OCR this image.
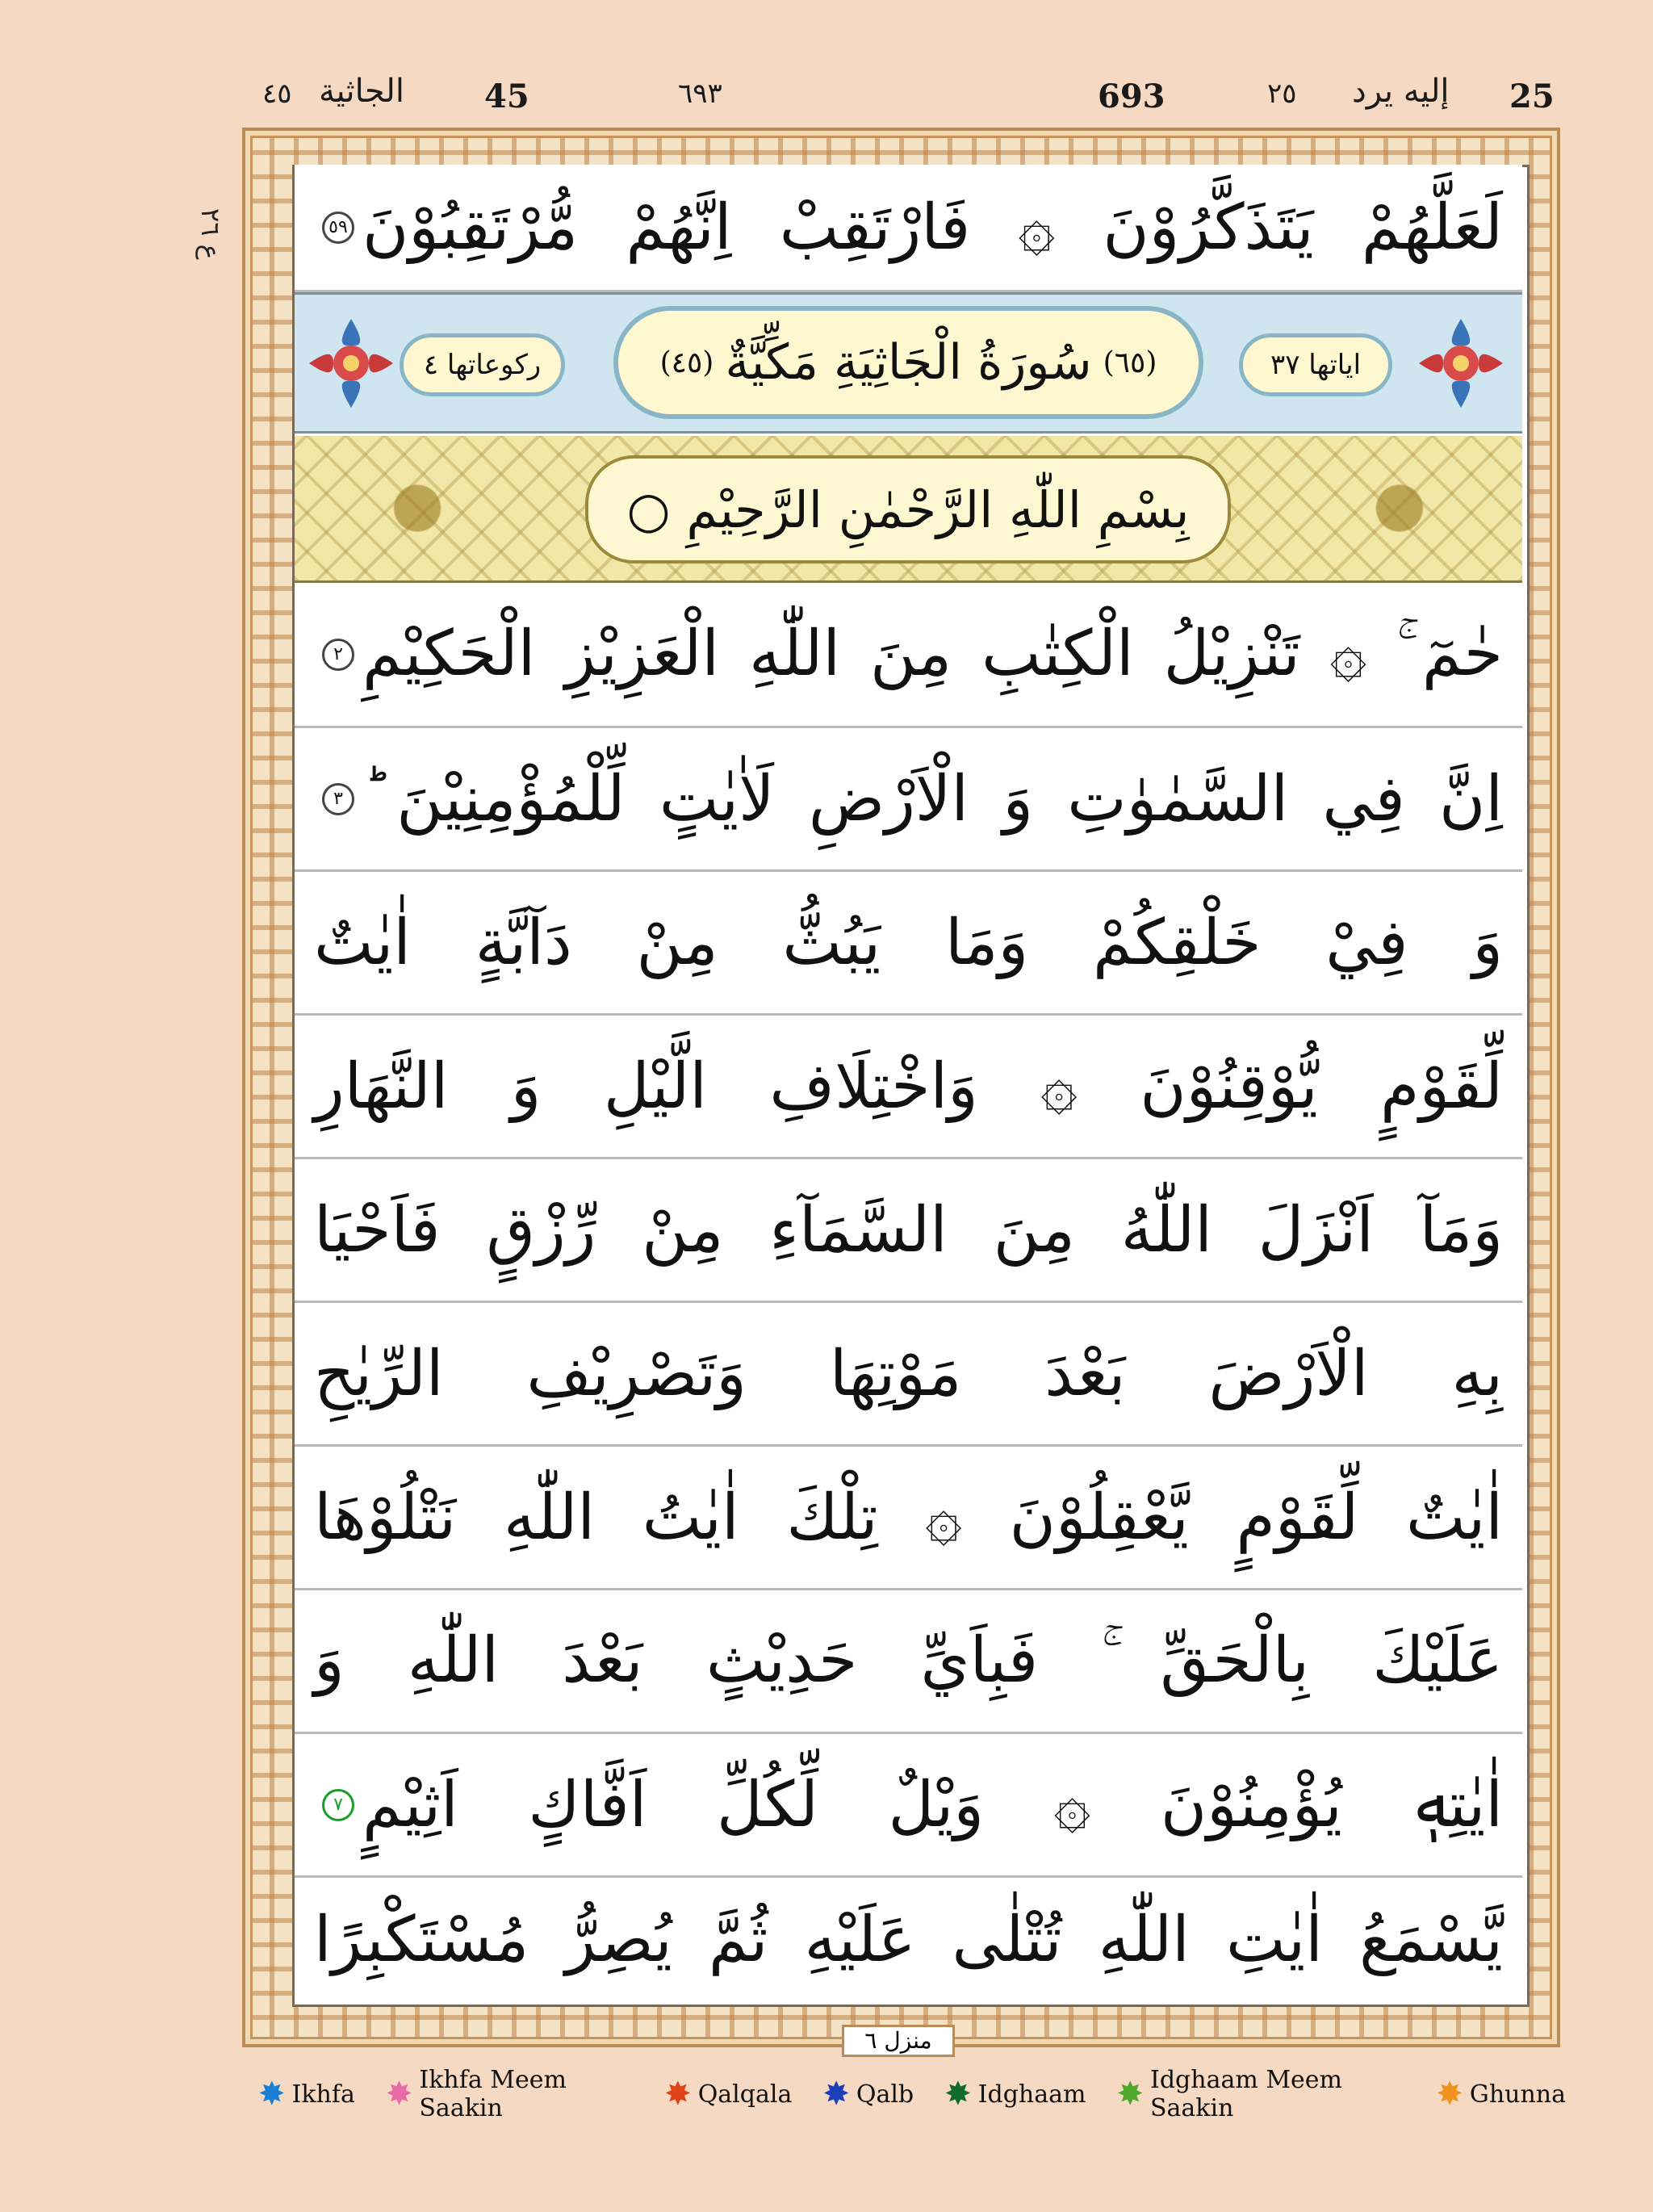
٤٥ الجاثية 45	٦٩٣	693	٢٥ إليه يرد 25
ع ٢٦ لَعَلَّهُمْ يَتَذَكَّرُوْنَ ۞ فَارْتَقِبْ اِنَّهُمْ مُّرْتَقِبُوْنَ
٥٩
ركوعاتها ٤	(٦٥)
سُورَةُ الْجَاثِيَةِ مَكِّيَّةٌ
(٤٥)	اياتها ٣٧
بِسْمِ اللّٰهِ الرَّحْمٰنِ الرَّحِيْمِ ○
حٰمٓ ۚ ۞ تَنْزِيْلُ الْكِتٰبِ مِنَ اللّٰهِ الْعَزِيْزِ الْحَكِيْمِ
٢
اِنَّ فِي السَّمٰوٰتِ وَ الْاَرْضِ لَاٰيٰتٍ لِّلْمُؤْمِنِيْنَ ؕ
٣
وَ فِيْ خَلْقِكُمْ وَمَا يَبُثُّ مِنْ دَآبَّةٍ اٰيٰتٌ
لِّقَوْمٍ يُّوْقِنُوْنَ ۞ وَاخْتِلَافِ الَّيْلِ وَ النَّهَارِ
وَمَآ اَنْزَلَ اللّٰهُ مِنَ السَّمَآءِ مِنْ رِّزْقٍ فَاَحْيَا
بِهِ الْاَرْضَ بَعْدَ مَوْتِهَا وَتَصْرِيْفِ الرِّيٰحِ
اٰيٰتٌ لِّقَوْمٍ يَّعْقِلُوْنَ ۞ تِلْكَ اٰيٰتُ اللّٰهِ نَتْلُوْهَا
عَلَيْكَ بِالْحَقِّ ۚ فَبِاَيِّ حَدِيْثٍ بَعْدَ اللّٰهِ وَ
اٰيٰتِهٖ يُؤْمِنُوْنَ ۞ وَيْلٌ لِّكُلِّ اَفَّاكٍ اَثِيْمٍ
٧
يَّسْمَعُ اٰيٰتِ اللّٰهِ تُتْلٰى عَلَيْهِ ثُمَّ يُصِرُّ مُسْتَكْبِرًا
منزل ٦
✸ Ikhfa ✸ Ikhfa Meem Saakin	✸ Qalqala ✸ Qalb ✸ Idghaam ✸ Idghaam Meem Saakin	✸ Ghunna
